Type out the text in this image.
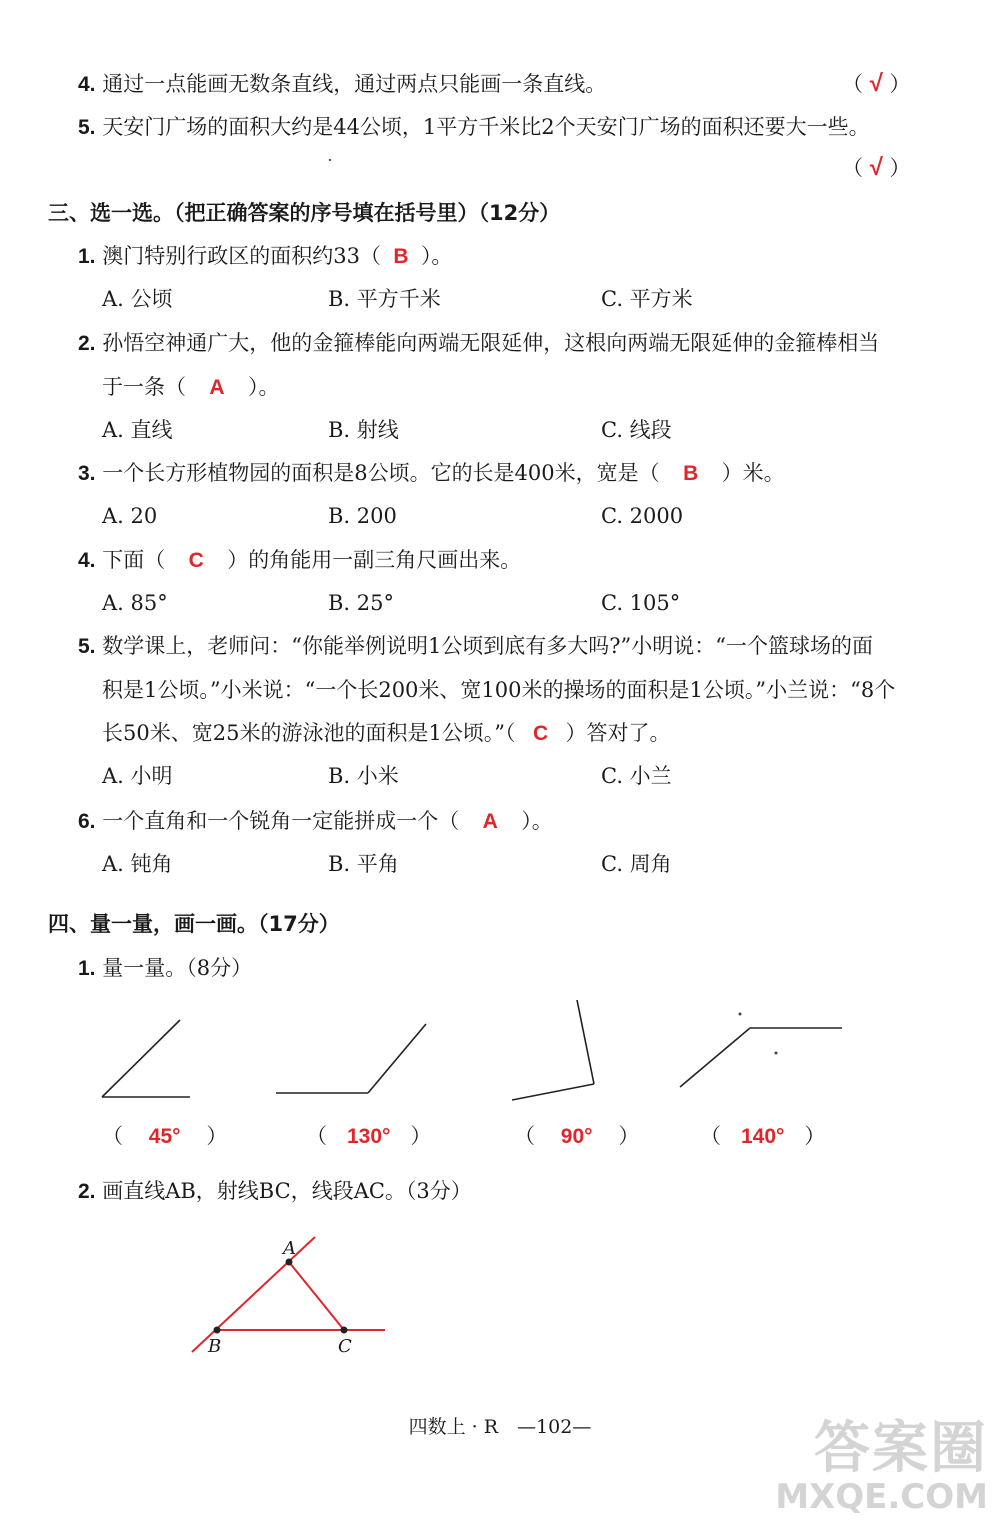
4. 通过一点能画无数条直线，通过两点只能画一条直线。	（ √ ）
5. 天安门广场的面积大约是44公顷，1平方千米比2个天安门广场的面积还要大一些。
（ √ ）
三、选一选。（把正确答案的序号填在括号里）（12分）
1. 澳门特别行政区的面积约33（ B ）。
A. 公顷	B. 平方千米	C. 平方米
2. 孙悟空神通广大，他的金箍棒能向两端无限延伸，这根向两端无限延伸的金箍棒相当
于一条（ A ）。
A. 直线	B. 射线	C. 线段
3. 一个长方形植物园的面积是8公顷。它的长是400米，宽是（ B ）米。
A. 20	B. 200	C. 2000
4. 下面（ C ）的角能用一副三角尺画出来。
A. 85°	B. 25°	C. 105°
5. 数学课上，老师问：“你能举例说明1公顷到底有多大吗?”小明说：“一个篮球场的面
积是1公顷。”小米说：“一个长200米、宽100米的操场的面积是1公顷。”小兰说：“8个
长50米、宽25米的游泳池的面积是1公顷。”（ C ）答对了。
A. 小明	B. 小米	C. 小兰
6. 一个直角和一个锐角一定能拼成一个（ A ）。
A. 钝角	B. 平角	C. 周角
四、量一量，画一画。（17分）
1. 量一量。（8分）
（ 45° ）	（ 130° ）	（ 90° ）	（ 140° ）
2. 画直线AB，射线BC，线段AC。（3分）
A
B	C
四数上 · R　—102—	答案圈
MXQE.COM
